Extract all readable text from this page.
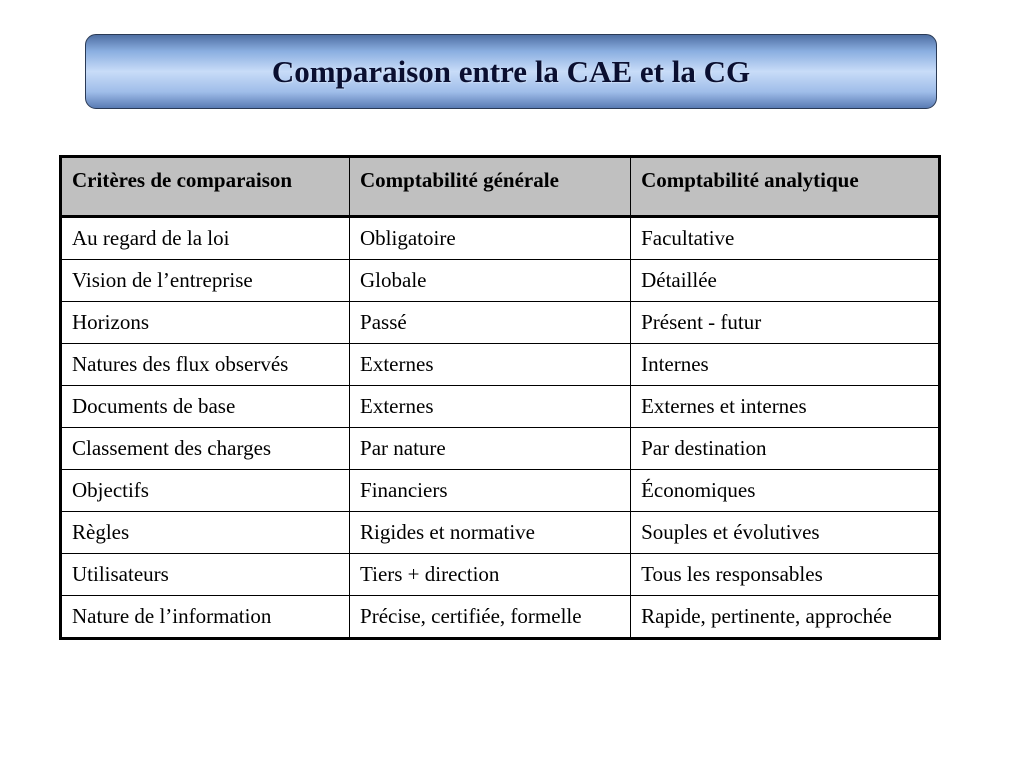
Comparaison entre la CAE et la CG
Critères de comparaison	Comptabilité générale	Comptabilité analytique
Au regard de la loi	Obligatoire	Facultative
Vision de l’entreprise	Globale	Détaillée
Horizons	Passé	Présent - futur
Natures des flux observés	Externes	Internes
Documents de base	Externes	Externes et internes
Classement des charges	Par nature	Par destination
Objectifs	Financiers	Économiques
Règles	Rigides et normative	Souples et évolutives
Utilisateurs	Tiers + direction	Tous les responsables
Nature de l’information	Précise, certifiée, formelle	Rapide, pertinente, approchée
